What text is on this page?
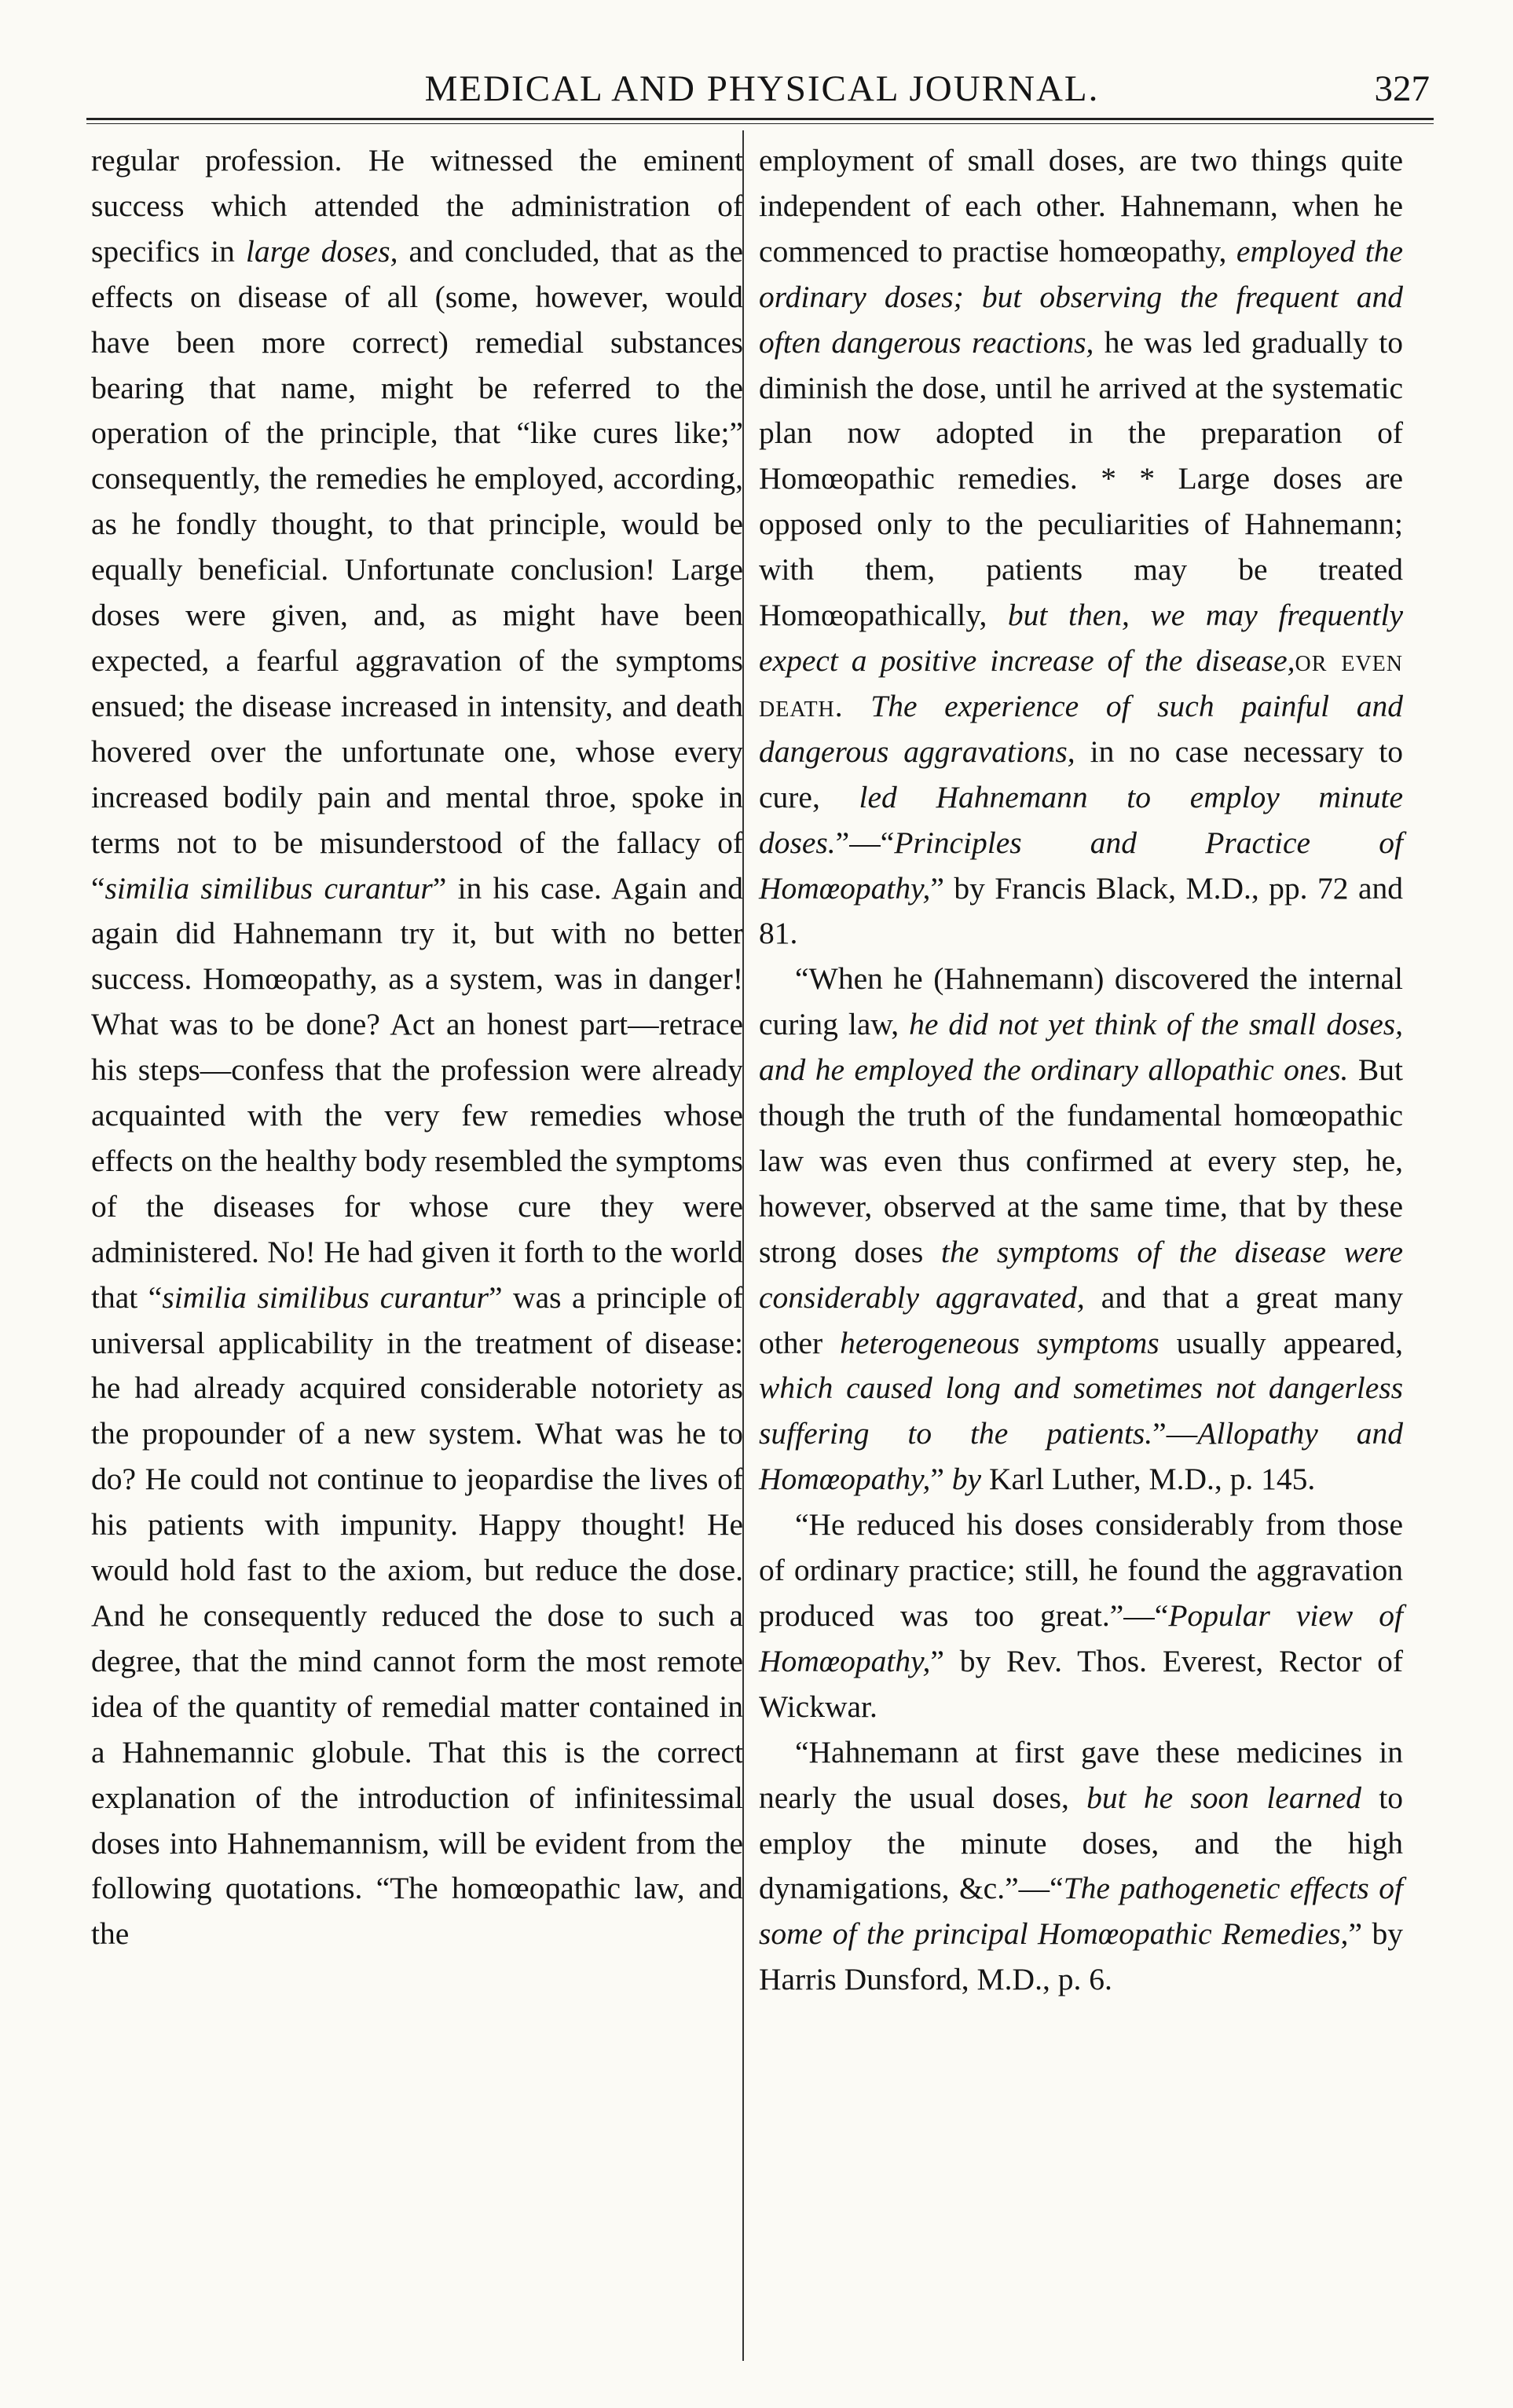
MEDICAL AND PHYSICAL JOURNAL.	327

regular profession. He witnessed the eminent success which attended the administration of specifics in large doses, and concluded, that as the effects on disease of all (some, however, would have been more correct) remedial substances bearing that name, might be referred to the operation of the principle, that “like cures like;” consequently, the remedies he employed, according, as he fondly thought, to that principle, would be equally beneficial. Unfortunate conclusion! Large doses were given, and, as might have been expected, a fearful aggravation of the symptoms ensued; the disease increased in intensity, and death hovered over the unfortunate one, whose every increased bodily pain and mental throe, spoke in terms not to be misunderstood of the fallacy of “similia similibus curantur” in his case. Again and again did Hahnemann try it, but with no better success. Homœopathy, as a system, was in danger! What was to be done? Act an honest part—retrace his steps—confess that the profession were already acquainted with the very few remedies whose effects on the healthy body resembled the symptoms of the diseases for whose cure they were administered. No! He had given it forth to the world that “similia similibus curantur” was a principle of universal applicability in the treatment of disease: he had already acquired considerable notoriety as the propounder of a new system. What was he to do? He could not continue to jeopardise the lives of his patients with impunity. Happy thought! He would hold fast to the axiom, but reduce the dose. And he consequently reduced the dose to such a degree, that the mind cannot form the most remote idea of the quantity of remedial matter contained in a Hahnemannic globule. That this is the correct explanation of the introduction of infinitessimal doses into Hahnemannism, will be evident from the following quotations. “The homœopathic law, and the

employment of small doses, are two things quite independent of each other. Hahnemann, when he commenced to practise homœopathy, employed the ordinary doses; but observing the frequent and often dangerous reactions, he was led gradually to diminish the dose, until he arrived at the systematic plan now adopted in the preparation of Homœopathic remedies. * * Large doses are opposed only to the peculiarities of Hahnemann; with them, patients may be treated Homœopathically, but then, we may frequently expect a positive increase of the disease,or even death. The experience of such painful and dangerous aggravations, in no case necessary to cure, led Hahnemann to employ minute doses.”—“Principles and Practice of Homœopathy,” by Francis Black, M.D., pp. 72 and 81.

“When he (Hahnemann) discovered the internal curing law, he did not yet think of the small doses, and he employed the ordinary allopathic ones. But though the truth of the fundamental homœopathic law was even thus confirmed at every step, he, however, observed at the same time, that by these strong doses the symptoms of the disease were considerably aggravated, and that a great many other heterogeneous symptoms usually appeared, which caused long and sometimes not dangerless suffering to the patients.”—Allopathy and Homœopathy,” by Karl Luther, M.D., p. 145.

“He reduced his doses considerably from those of ordinary practice; still, he found the aggravation produced was too great.”—“Popular view of Homœopathy,” by Rev. Thos. Everest, Rector of Wickwar.

“Hahnemann at first gave these medicines in nearly the usual doses, but he soon learned to employ the minute doses, and the high dynamigations, &c.”—“The pathogenetic effects of some of the principal Homœopathic Remedies,” by Harris Dunsford, M.D., p. 6.
